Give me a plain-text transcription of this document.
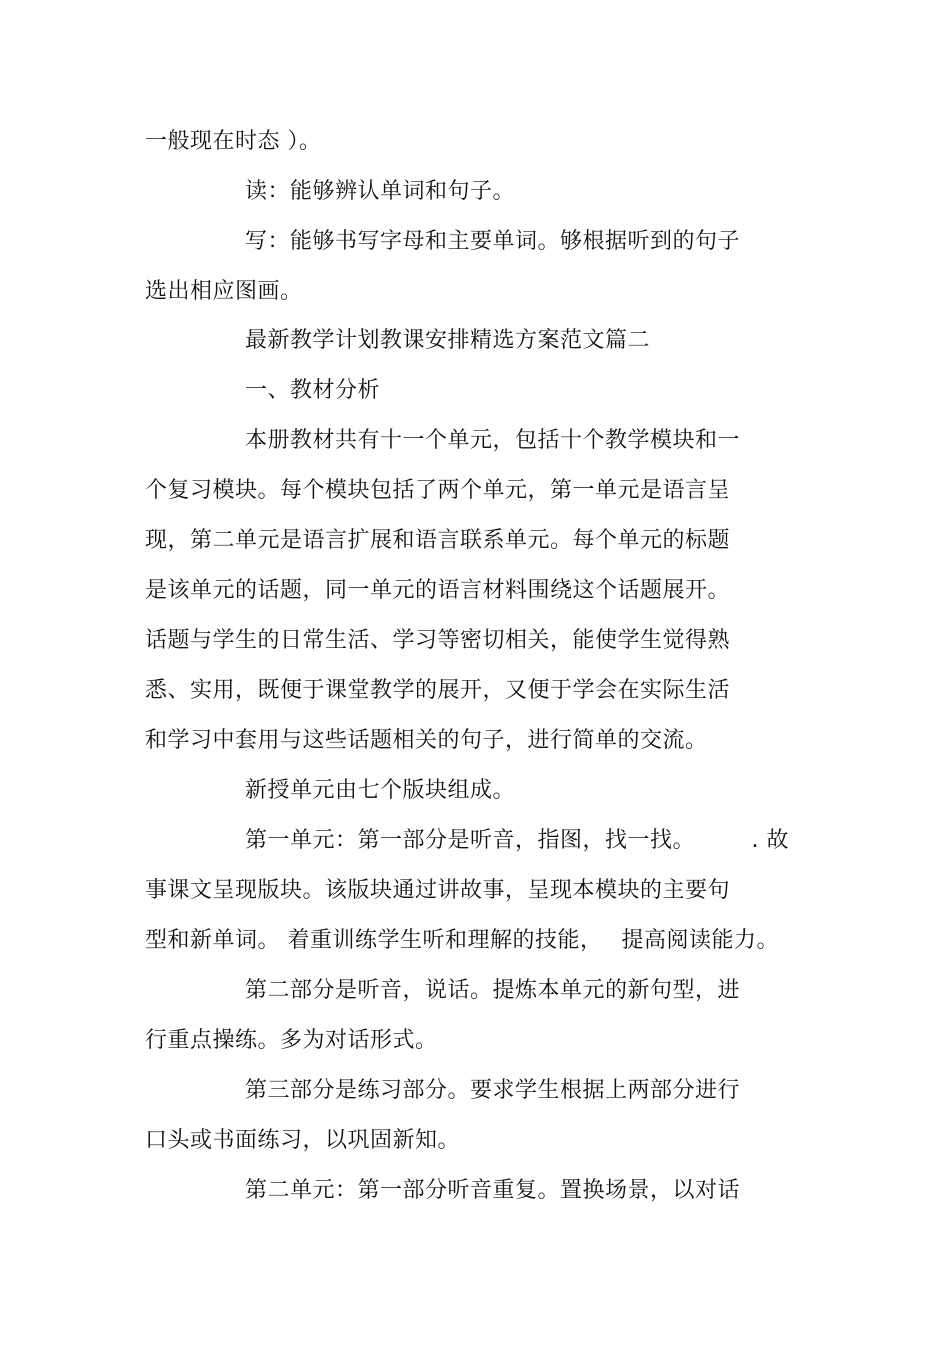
一般现在时态 ）。
读：能够辨认单词和句子。
写：能够书写字母和主要单词。够根据听到的句子
选出相应图画。
最新教学计划教课安排精选方案范文篇二
一、教材分析
本册教材共有十一个单元，包括十个教学模块和一
个复习模块。每个模块包括了两个单元，第一单元是语言呈
现，第二单元是语言扩展和语言联系单元。每个单元的标题
是该单元的话题，同一单元的语言材料围绕这个话题展开。
话题与学生的日常生活、学习等密切相关，能使学生觉得熟
悉、实用，既便于课堂教学的展开，又便于学会在实际生活
和学习中套用与这些话题相关的句子，进行简单的交流。
新授单元由七个版块组成。
第一单元：第一部分是听音，指图，找一找。　　　. 故
事课文呈现版块。该版块通过讲故事，呈现本模块的主要句
型和新单词。 着重训练学生听和理解的技能，　 提高阅读能力。
第二部分是听音，说话。提炼本单元的新句型，进
行重点操练。多为对话形式。
第三部分是练习部分。要求学生根据上两部分进行
口头或书面练习，以巩固新知。
第二单元：第一部分听音重复。置换场景，以对话
